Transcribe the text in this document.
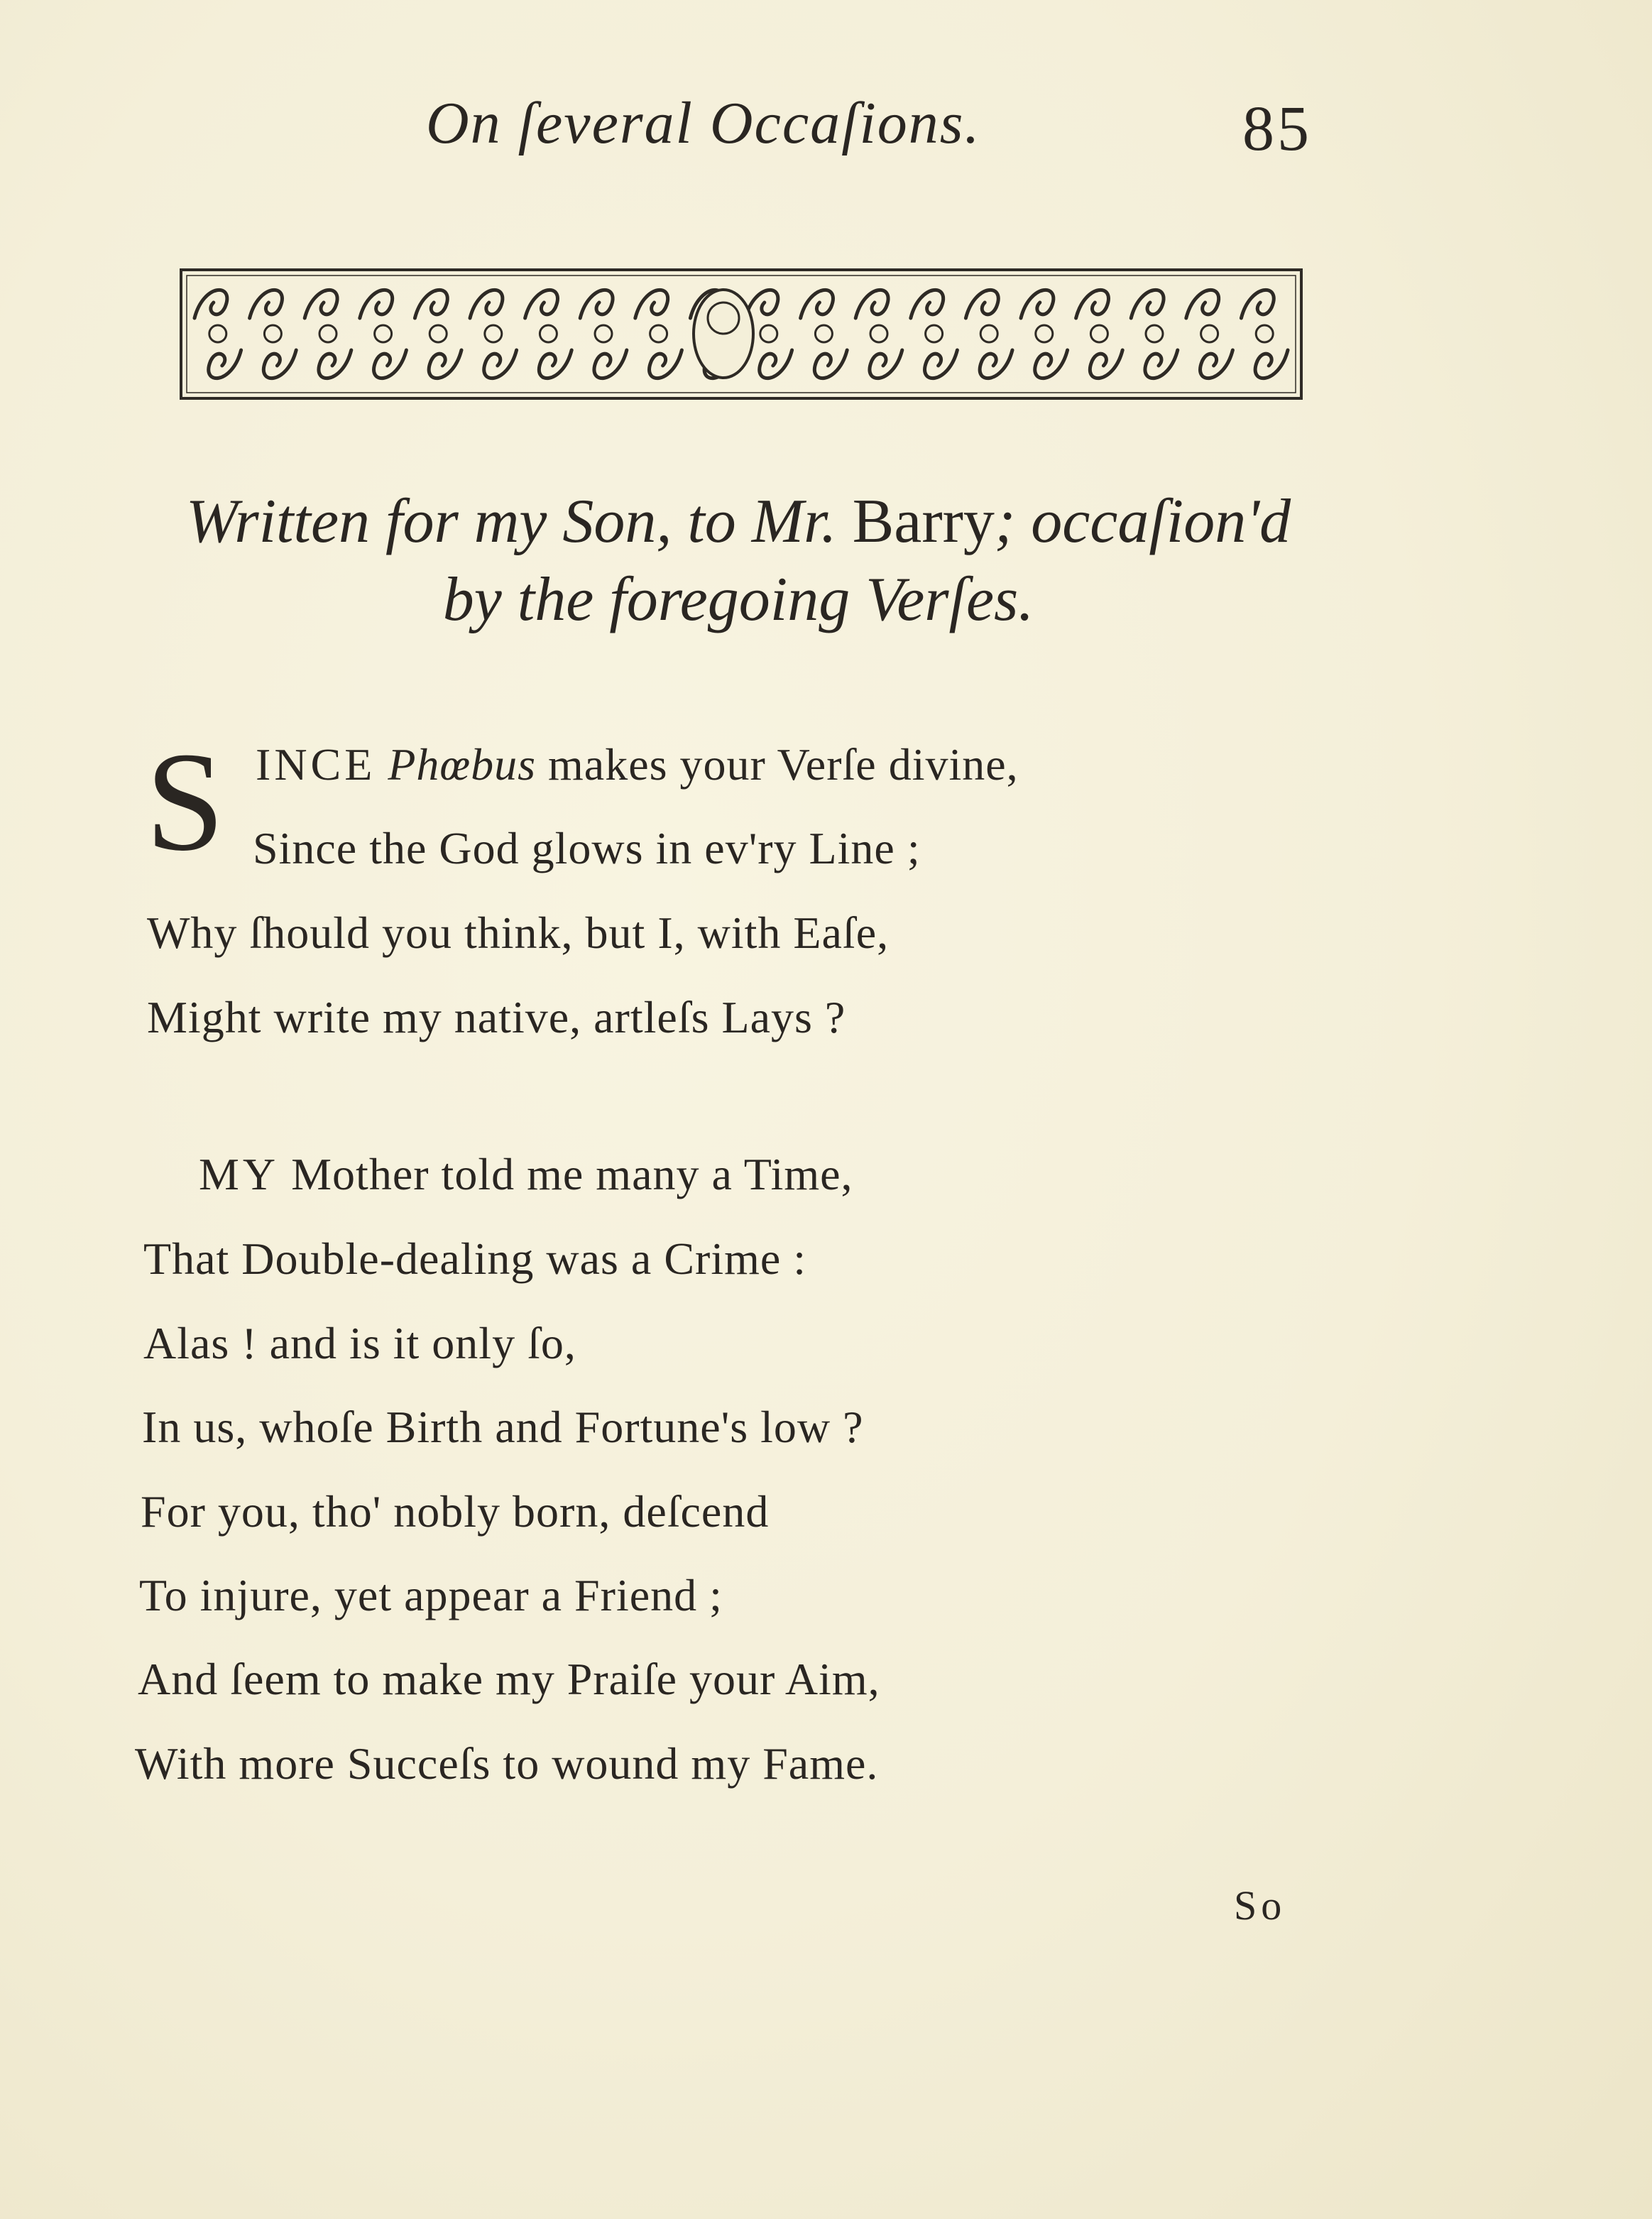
On ſeveral Occaſions.	85
Written for my Son, to Mr. Barry; occaſion'd
by the foregoing Verſes.
S INCE Phœbus makes your Verſe divine,
Since the God glows in ev'ry Line ;
Why ſhould you think, but I, with Eaſe,
Might write my native, artleſs Lays ?
MY Mother told me many a Time,
That Double-dealing was a Crime :
Alas ! and is it only ſo,
In us, whoſe Birth and Fortune's low ?
For you, tho' nobly born, deſcend
To injure, yet appear a Friend ;
And ſeem to make my Praiſe your Aim,
With more Succeſs to wound my Fame.
So
